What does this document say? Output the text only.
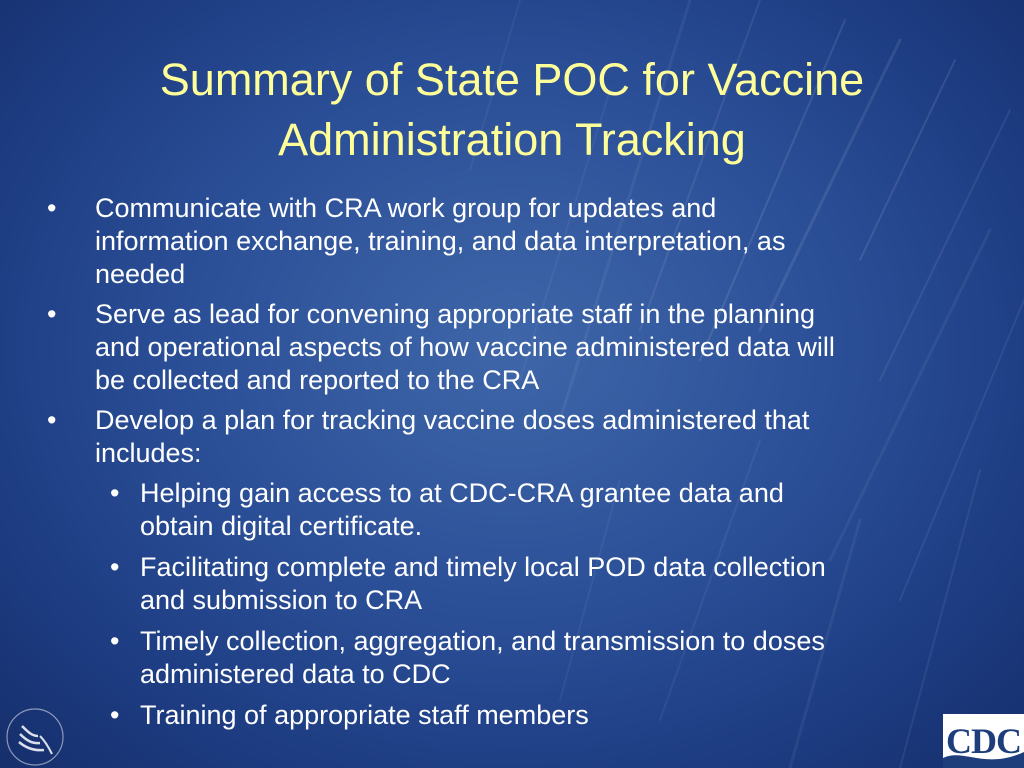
Summary of State POC for Vaccine
Administration Tracking
• Communicate with CRA work group for updates and
information exchange, training, and data interpretation, as
needed
• Serve as lead for convening appropriate staff in the planning
and operational aspects of how vaccine administered data will
be collected and reported to the CRA
• Develop a plan for tracking vaccine doses administered that
includes:
• Helping gain access to at CDC-CRA grantee data and
obtain digital certificate.
• Facilitating complete and timely local POD data collection
and submission to CRA
• Timely collection, aggregation, and transmission to doses
administered data to CDC
• Training of appropriate staff members
CDC
